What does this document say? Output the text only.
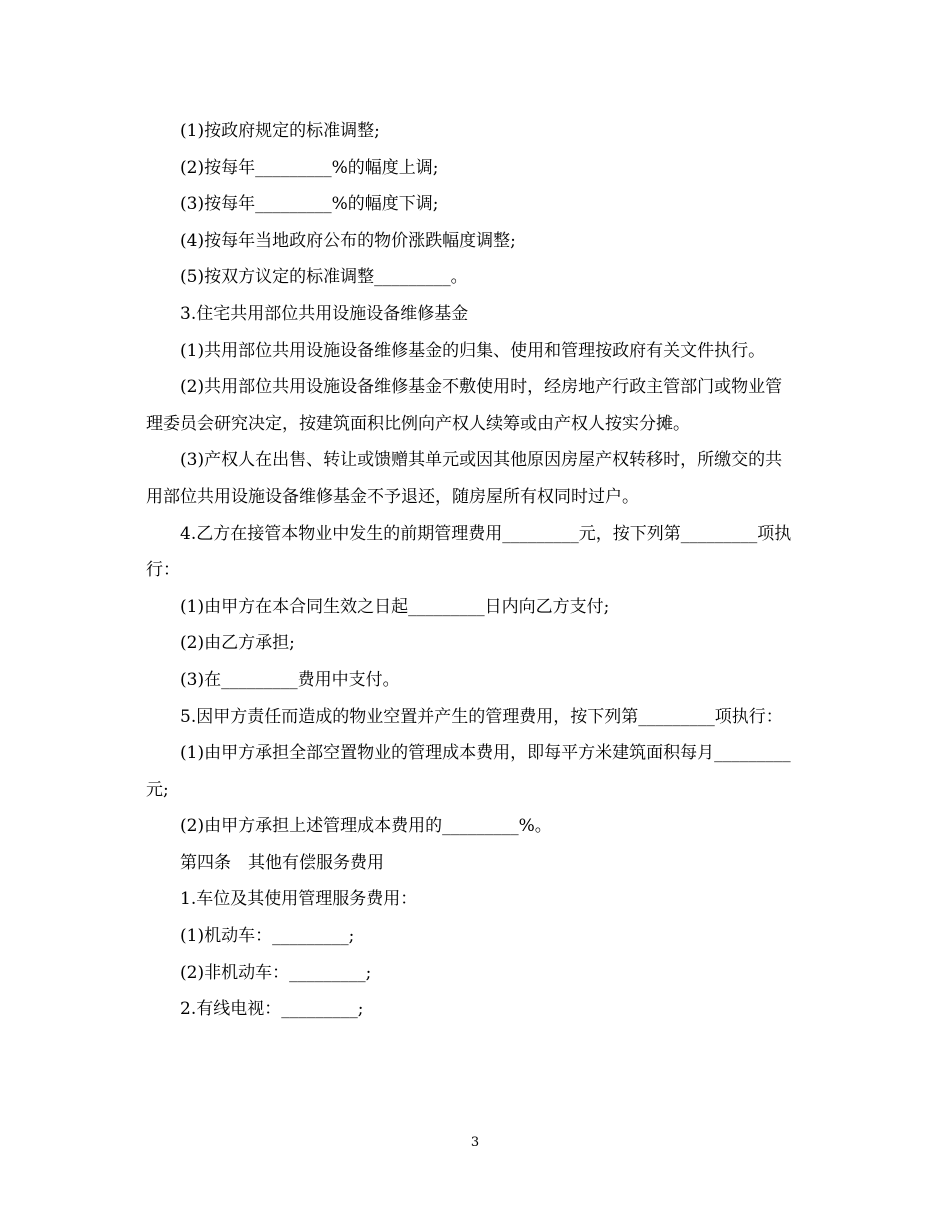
(1)按政府规定的标准调整;

(2)按每年_________%的幅度上调;

(3)按每年_________%的幅度下调;

(4)按每年当地政府公布的物价涨跌幅度调整;

(5)按双方议定的标准调整_________。

3.住宅共用部位共用设施设备维修基金

(1)共用部位共用设施设备维修基金的归集、使用和管理按政府有关文件执行。

(2)共用部位共用设施设备维修基金不敷使用时，经房地产行政主管部门或物业管理委员会研究决定，按建筑面积比例向产权人续筹或由产权人按实分摊。

(3)产权人在出售、转让或馈赠其单元或因其他原因房屋产权转移时，所缴交的共用部位共用设施设备维修基金不予退还，随房屋所有权同时过户。

4.乙方在接管本物业中发生的前期管理费用_________元，按下列第_________项执行：

(1)由甲方在本合同生效之日起_________日内向乙方支付;

(2)由乙方承担;

(3)在_________费用中支付。

5.因甲方责任而造成的物业空置并产生的管理费用，按下列第_________项执行：

(1)由甲方承担全部空置物业的管理成本费用，即每平方米建筑面积每月_________元;

(2)由甲方承担上述管理成本费用的_________%。

第四条　其他有偿服务费用

1.车位及其使用管理服务费用：

(1)机动车：_________;

(2)非机动车：_________;

2.有线电视：_________;

3
